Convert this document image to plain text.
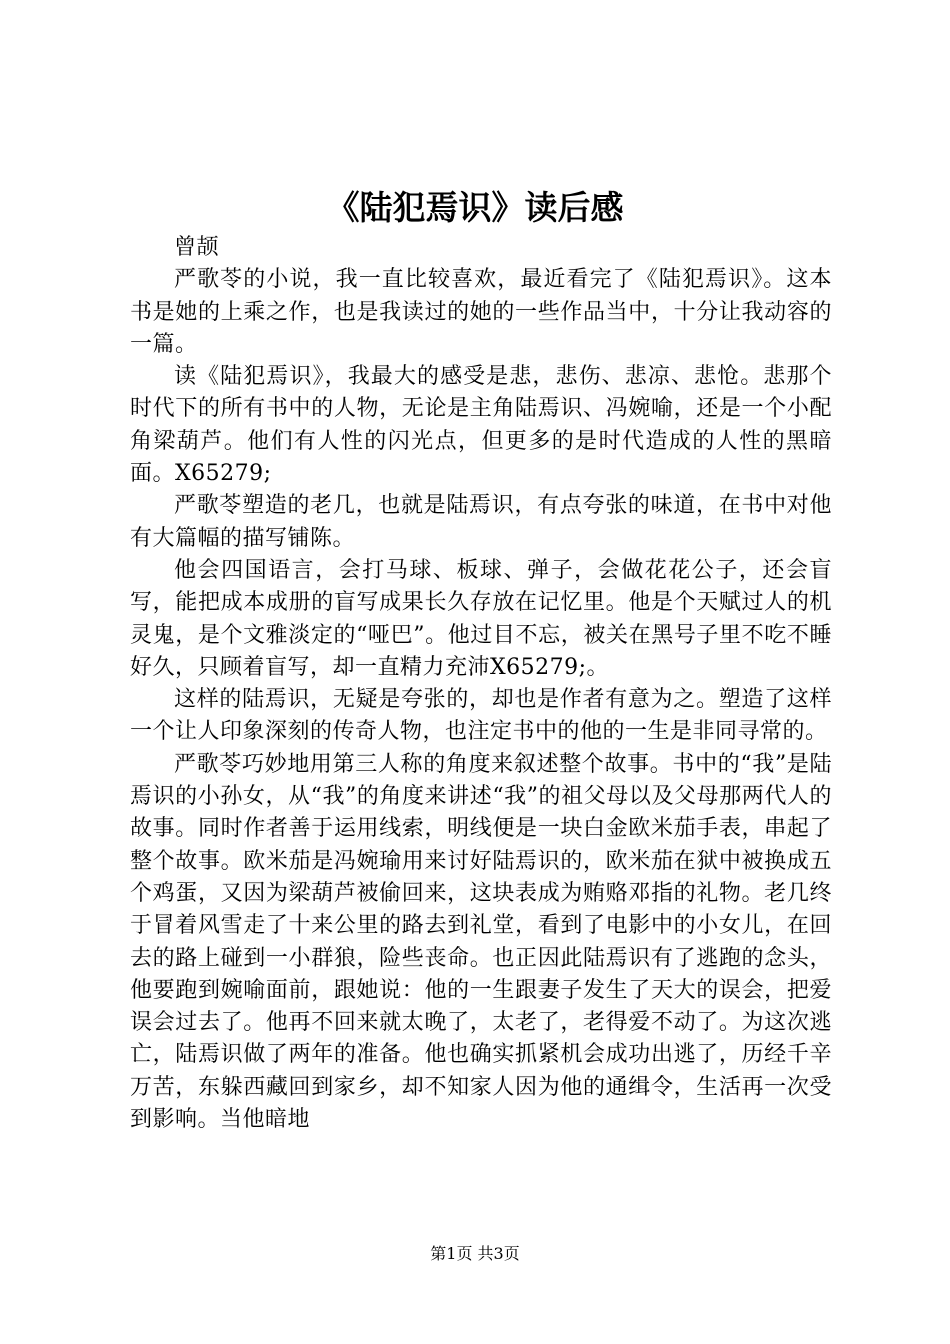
《陆犯焉识》读后感

曾颉

严歌苓的小说，我一直比较喜欢，最近看完了《陆犯焉识》。这本书是她的上乘之作，也是我读过的她的一些作品当中，十分让我动容的一篇。

读《陆犯焉识》，我最大的感受是悲，悲伤、悲凉、悲怆。悲那个时代下的所有书中的人物，无论是主角陆焉识、冯婉喻，还是一个小配角梁葫芦。他们有人性的闪光点，但更多的是时代造成的人性的黑暗面。X65279;

严歌苓塑造的老几，也就是陆焉识，有点夸张的味道，在书中对他有大篇幅的描写铺陈。

他会四国语言，会打马球、板球、弹子，会做花花公子，还会盲写，能把成本成册的盲写成果长久存放在记忆里。他是个天赋过人的机灵鬼，是个文雅淡定的“哑巴”。他过目不忘，被关在黑号子里不吃不睡好久，只顾着盲写，却一直精力充沛X65279;。

这样的陆焉识，无疑是夸张的，却也是作者有意为之。塑造了这样一个让人印象深刻的传奇人物，也注定书中的他的一生是非同寻常的。

严歌苓巧妙地用第三人称的角度来叙述整个故事。书中的“我”是陆焉识的小孙女，从“我”的角度来讲述“我”的祖父母以及父母那两代人的故事。同时作者善于运用线索，明线便是一块白金欧米茄手表，串起了整个故事。欧米茄是冯婉瑜用来讨好陆焉识的，欧米茄在狱中被换成五个鸡蛋，又因为梁葫芦被偷回来，这块表成为贿赂邓指的礼物。老几终于冒着风雪走了十来公里的路去到礼堂，看到了电影中的小女儿，在回去的路上碰到一小群狼，险些丧命。也正因此陆焉识有了逃跑的念头，他要跑到婉喻面前，跟她说：他的一生跟妻子发生了天大的误会，把爱误会过去了。他再不回来就太晚了，太老了，老得爱不动了。为这次逃亡，陆焉识做了两年的准备。他也确实抓紧机会成功出逃了，历经千辛万苦，东躲西藏回到家乡，却不知家人因为他的通缉令，生活再一次受到影响。当他暗地

第1页 共3页
